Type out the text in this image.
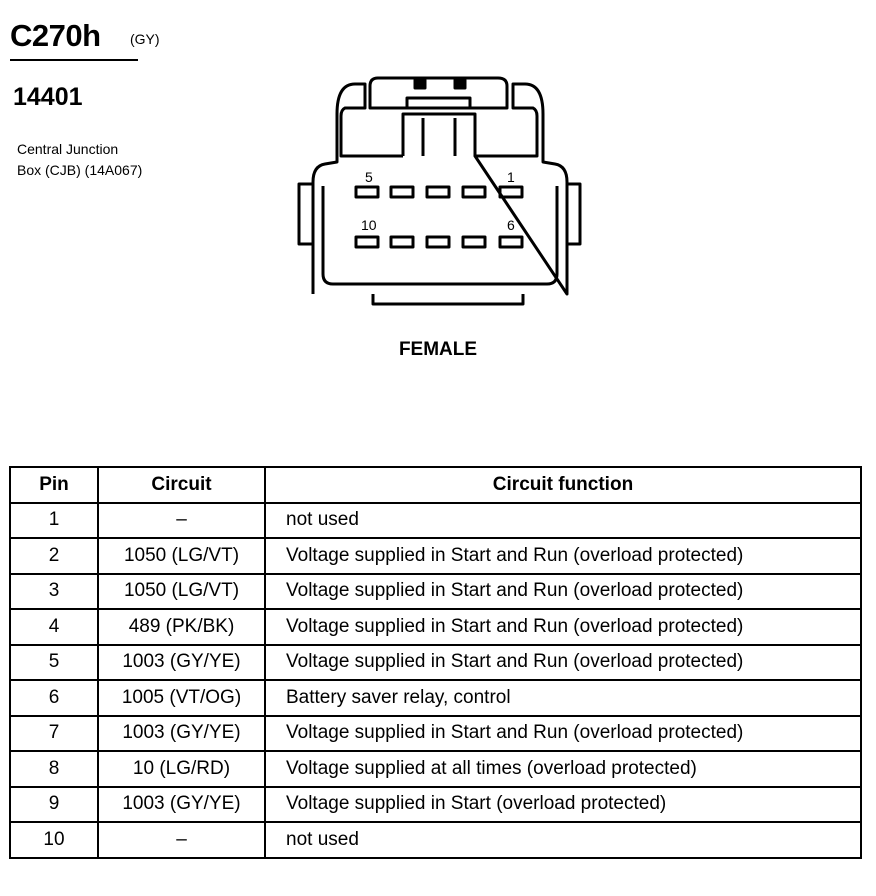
C270h (GY)
14401
Central Junction
Box (CJB) (14A067)	5	1
10	6
FEMALE
Pin	Circuit	Circuit function
1	–	not used
2	1050 (LG/VT)	Voltage supplied in Start and Run (overload protected)
3	1050 (LG/VT)	Voltage supplied in Start and Run (overload protected)
4	489 (PK/BK)	Voltage supplied in Start and Run (overload protected)
5	1003 (GY/YE)	Voltage supplied in Start and Run (overload protected)
6	1005 (VT/OG)	Battery saver relay, control
7	1003 (GY/YE)	Voltage supplied in Start and Run (overload protected)
8	10 (LG/RD)	Voltage supplied at all times (overload protected)
9	1003 (GY/YE)	Voltage supplied in Start (overload protected)
10	–	not used
